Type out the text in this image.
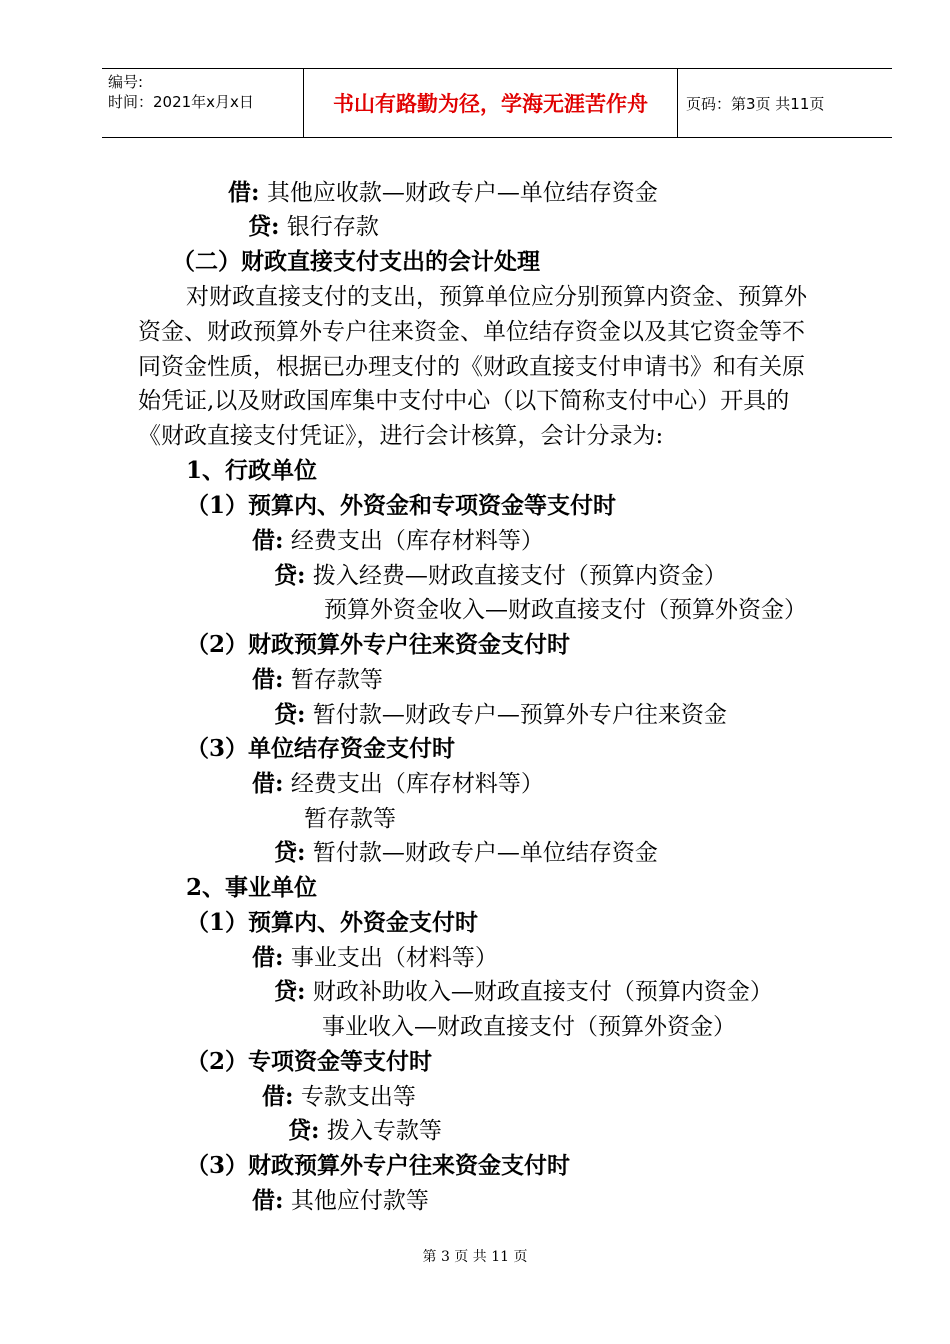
编号:
时间：2021年x月x日	书山有路勤为径，学海无涯苦作舟	页码：第3页 共11页
借: 其他应收款—财政专户—单位结存资金
贷: 银行存款
（二）财政直接支付支出的会计处理
对财政直接支付的支出，预算单位应分别预算内资金、预算外
资金、财政预算外专户往来资金、单位结存资金以及其它资金等不
同资金性质，根据已办理支付的《财政直接支付申请书》和有关原
始凭证,以及财政国库集中支付中心（以下简称支付中心）开具的
《财政直接支付凭证》，进行会计核算，会计分录为:
1、行政单位
（1）预算内、外资金和专项资金等支付时
借: 经费支出（库存材料等）
贷: 拨入经费—财政直接支付（预算内资金）
预算外资金收入—财政直接支付（预算外资金）
（2）财政预算外专户往来资金支付时
借: 暂存款等
贷: 暂付款—财政专户—预算外专户往来资金
（3）单位结存资金支付时
借: 经费支出（库存材料等）
暂存款等
贷: 暂付款—财政专户—单位结存资金
2、事业单位
（1）预算内、外资金支付时
借: 事业支出（材料等）
贷: 财政补助收入—财政直接支付（预算内资金）
事业收入—财政直接支付（预算外资金）
（2）专项资金等支付时
借: 专款支出等
贷: 拨入专款等
（3）财政预算外专户往来资金支付时
借: 其他应付款等
第 3 页 共 11 页
